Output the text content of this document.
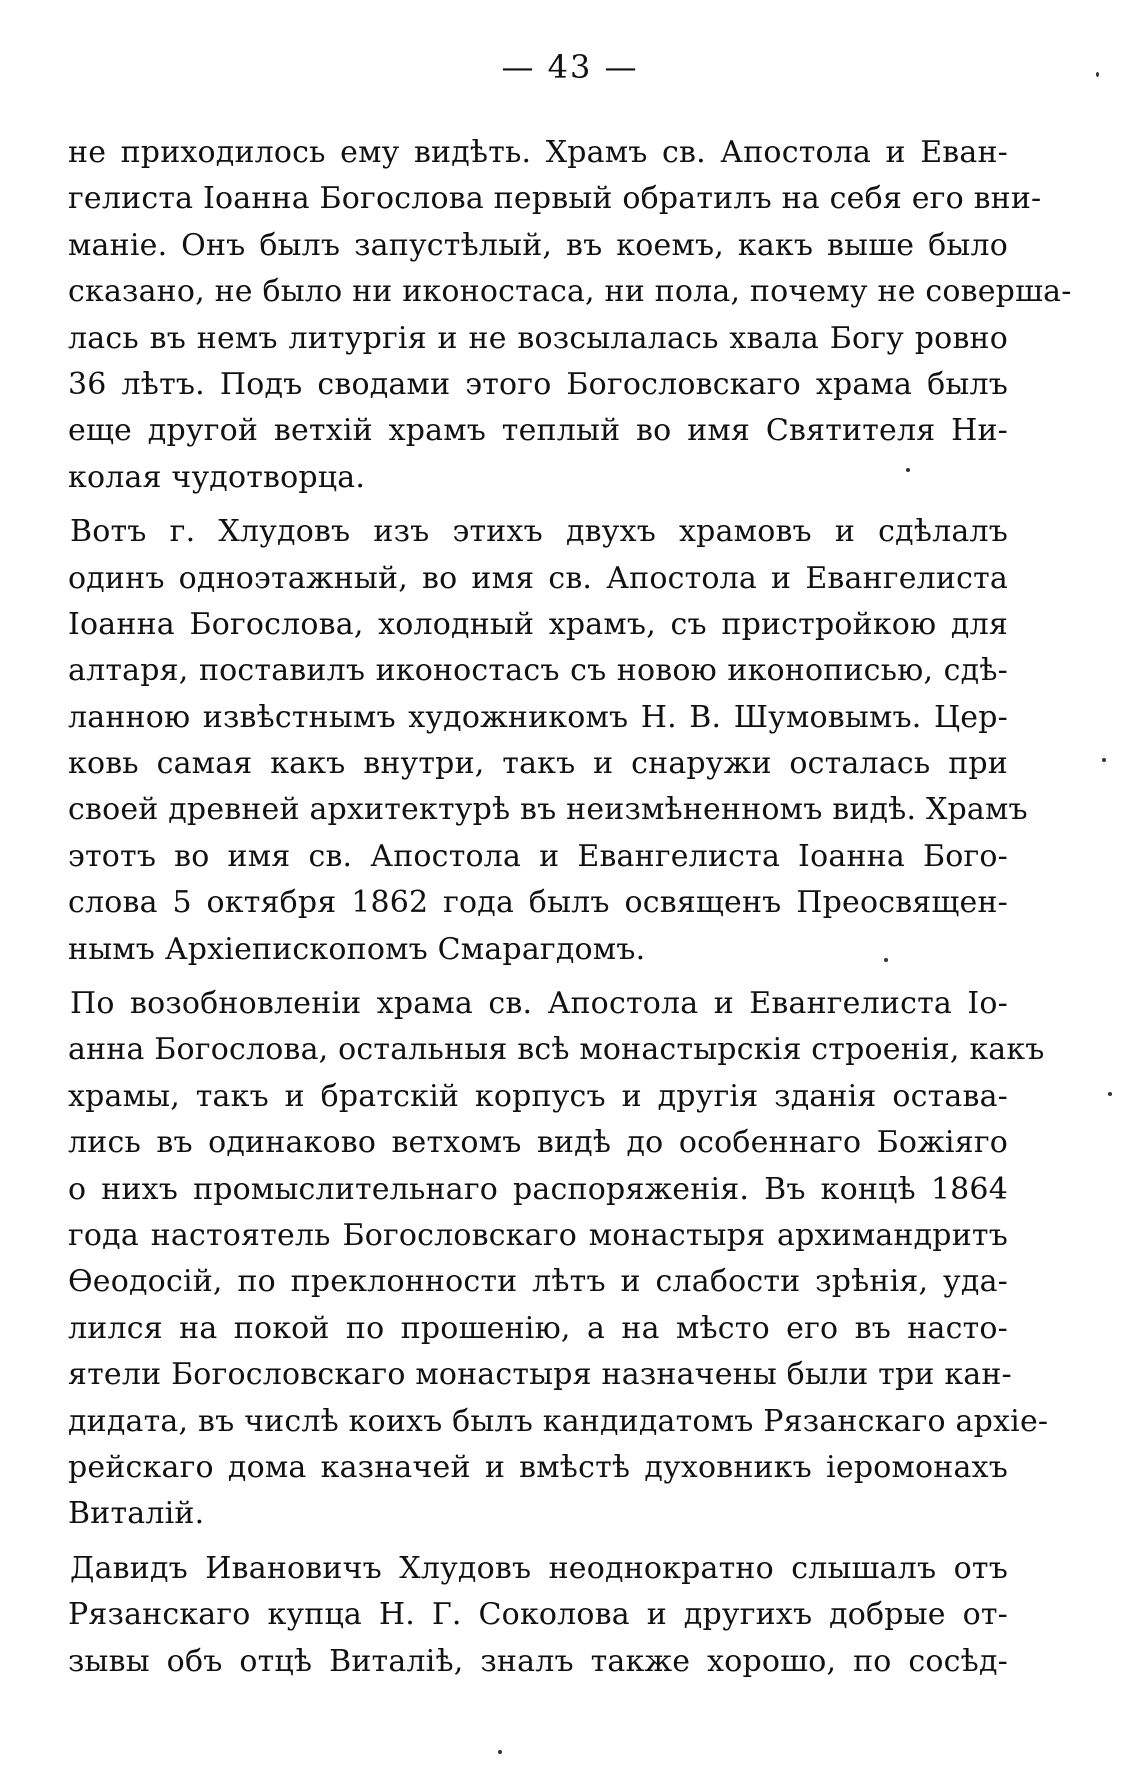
— 43 —
не приходилось ему видѣть. Храмъ св. Апостола и Еван-
гелиста Іоанна Богослова первый обратилъ на себя его вни-
маніе. Онъ былъ запустѣлый, въ коемъ, какъ выше было
сказано, не было ни иконостаса, ни пола, почему не соверша-
лась въ немъ литургія и не возсылалась хвала Богу ровно
36 лѣтъ. Подъ сводами этого Богословскаго храма былъ
еще другой ветхій храмъ теплый во имя Святителя Ни-
колая чудотворца.
Вотъ г. Хлудовъ изъ этихъ двухъ храмовъ и сдѣлалъ
одинъ одноэтажный, во имя св. Апостола и Евангелиста
Іоанна Богослова, холодный храмъ, съ пристройкою для
алтаря, поставилъ иконостасъ съ новою иконописью, сдѣ-
ланною извѣстнымъ художникомъ Н. В. Шумовымъ. Цер-
ковь самая какъ внутри, такъ и снаружи осталась при
своей древней архитектурѣ въ неизмѣненномъ видѣ. Храмъ
этотъ во имя св. Апостола и Евангелиста Іоанна Бого-
слова 5 октября 1862 года былъ освященъ Преосвящен-
нымъ Архіепископомъ Смарагдомъ.
По возобновленіи храма св. Апостола и Евангелиста Іо-
анна Богослова, остальныя всѣ монастырскія строенія, какъ
храмы, такъ и братскій корпусъ и другія зданія остава-
лись въ одинаково ветхомъ видѣ до особеннаго Божіяго
о нихъ промыслительнаго распоряженія. Въ концѣ 1864
года настоятель Богословскаго монастыря архимандритъ
Ѳеодосій, по преклонности лѣтъ и слабости зрѣнія, уда-
лился на покой по прошенію, а на мѣсто его въ насто-
ятели Богословскаго монастыря назначены были три кан-
дидата, въ числѣ коихъ былъ кандидатомъ Рязанскаго архіе-
рейскаго дома казначей и вмѣстѣ духовникъ іеромонахъ
Виталій.
Давидъ Ивановичъ Хлудовъ неоднократно слышалъ отъ
Рязанскаго купца Н. Г. Соколова и другихъ добрые от-
зывы объ отцѣ Виталіѣ, зналъ также хорошо, по сосѣд-
